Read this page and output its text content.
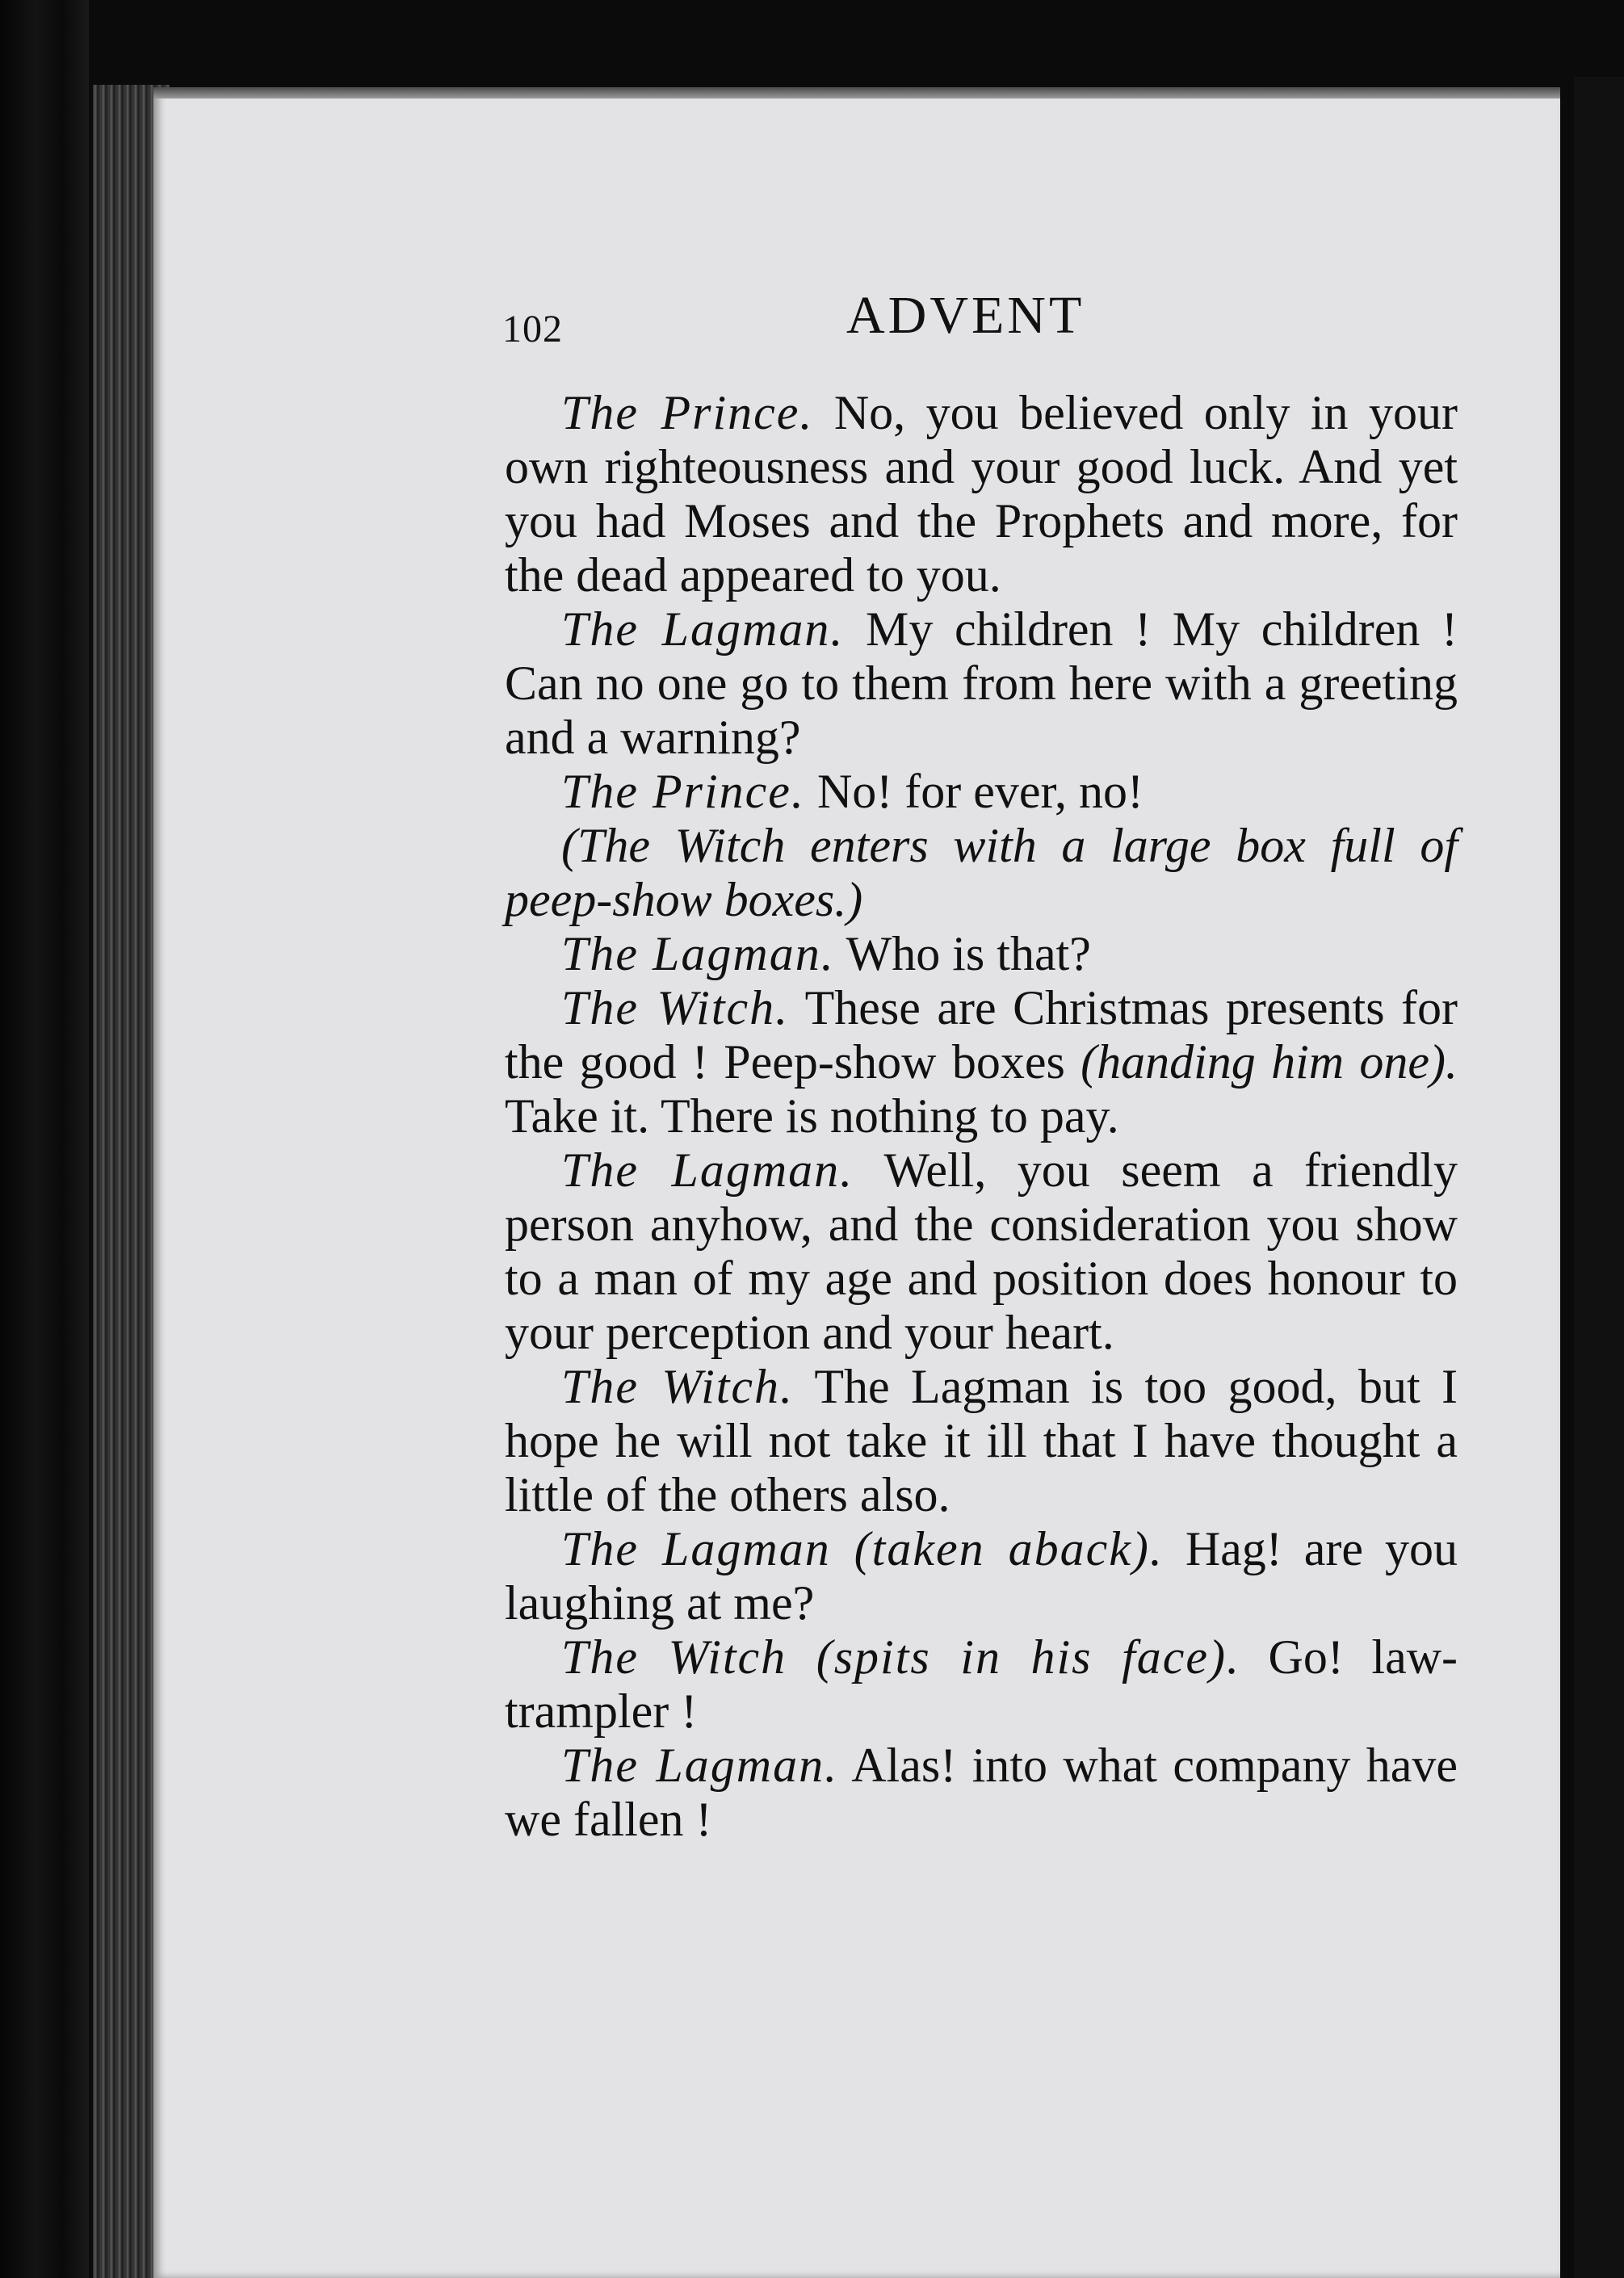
102	ADVENT

The Prince. No, you believed only in your own righteousness and your good luck. And yet you had Moses and the Prophets and more, for the dead appeared to you.

The Lagman. My children ! My children ! Can no one go to them from here with a greeting and a warning?

The Prince. No! for ever, no!

(The Witch enters with a large box full of peep-show boxes.)

The Lagman. Who is that?

The Witch. These are Christmas presents for the good ! Peep-show boxes (handing him one). Take it. There is nothing to pay.

The Lagman. Well, you seem a friendly person anyhow, and the consideration you show to a man of my age and position does honour to your perception and your heart.

The Witch. The Lagman is too good, but I hope he will not take it ill that I have thought a little of the others also.

The Lagman (taken aback). Hag! are you laughing at me?

The Witch (spits in his face). Go! law-trampler !

The Lagman. Alas! into what company have we fallen !
